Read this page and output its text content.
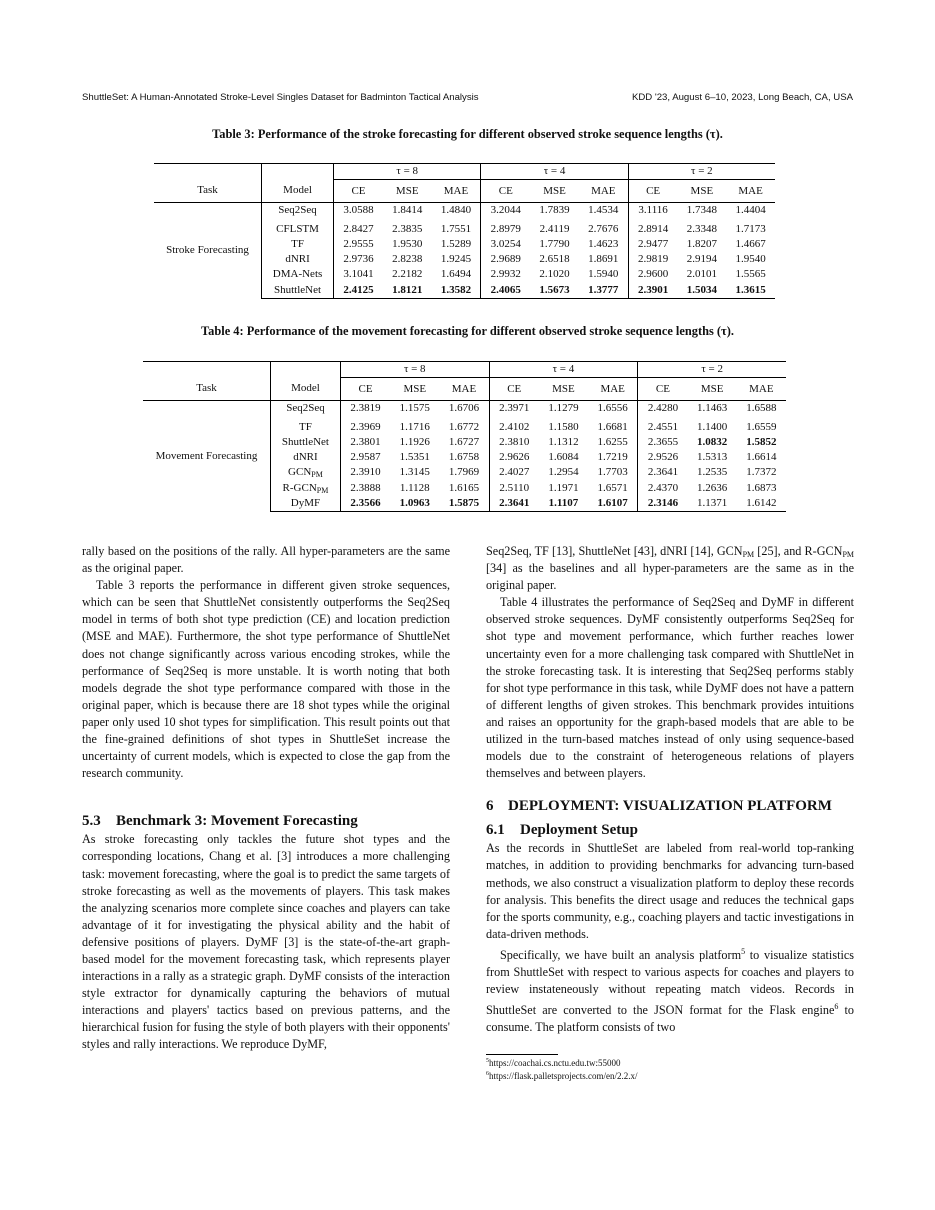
ShuttleSet: A Human-Annotated Stroke-Level Singles Dataset for Badminton Tactical Analysis	KDD '23, August 6–10, 2023, Long Beach, CA, USA
Table 3: Performance of the stroke forecasting for different observed stroke sequence lengths (τ).
		τ = 8			τ = 4			τ = 2		
Task	Model	CE	MSE	MAE	CE	MSE	MAE	CE	MSE	MAE
Stroke Forecasting	Seq2Seq	3.0588	1.8414	1.4840	3.2044	1.7839	1.4534	3.1116	1.7348	1.4404
	CFLSTM	2.8427	2.3835	1.7551	2.8979	2.4119	2.7676	2.8914	2.3348	1.7173
	TF	2.9555	1.9530	1.5289	3.0254	1.7790	1.4623	2.9477	1.8207	1.4667
	dNRI	2.9736	2.8238	1.9245	2.9689	2.6518	1.8691	2.9819	2.9194	1.9540
	DMA-Nets	3.1041	2.2182	1.6494	2.9932	2.1020	1.5940	2.9600	2.0101	1.5565
	ShuttleNet	2.4125	1.8121	1.3582	2.4065	1.5673	1.3777	2.3901	1.5034	1.3615
Table 4: Performance of the movement forecasting for different observed stroke sequence lengths (τ).
		τ = 8			τ = 4			τ = 2		
Task	Model	CE	MSE	MAE	CE	MSE	MAE	CE	MSE	MAE
Movement Forecasting	Seq2Seq	2.3819	1.1575	1.6706	2.3971	1.1279	1.6556	2.4280	1.1463	1.6588
	TF	2.3969	1.1716	1.6772	2.4102	1.1580	1.6681	2.4551	1.1400	1.6559
	ShuttleNet	2.3801	1.1926	1.6727	2.3810	1.1312	1.6255	2.3655	1.0832	1.5852
	dNRI	2.9587	1.5351	1.6758	2.9626	1.6084	1.7219	2.9526	1.5313	1.6614
	$GCN_{PM}$	2.3910	1.3145	1.7969	2.4027	1.2954	1.7703	2.3641	1.2535	1.7372
	$R-GCN_{PM}$	2.3888	1.1128	1.6165	2.5110	1.1971	1.6571	2.4370	1.2636	1.6873
	DyMF	2.3566	1.0963	1.5875	2.3641	1.1107	1.6107	2.3146	1.1371	1.6142

rally based on the positions of the rally. All hyper-parameters are the same as the original paper.

Table 3 reports the performance in different given stroke sequences, which can be seen that ShuttleNet consistently outperforms the Seq2Seq model in terms of both shot type prediction (CE) and location prediction (MSE and MAE). Furthermore, the shot type performance of ShuttleNet does not change significantly across various encoding strokes, while the performance of Seq2Seq is more unstable. It is worth noting that both models degrade the shot type performance compared with those in the original paper, which is because there are 18 shot types while the original paper only used 10 shot types for simplification. This result points out that the fine-grained definitions of shot types in ShuttleSet increase the uncertainty of current models, which is expected to close the gap from the research community.

5.3 Benchmark 3: Movement Forecasting

As stroke forecasting only tackles the future shot types and the corresponding locations, Chang et al. [3] introduces a more challenging task: movement forecasting, where the goal is to predict the same targets of stroke forecasting as well as the movements of players. This task makes the analyzing scenarios more complete since coaches and players can take advantage of it for investigating the physical ability and the habit of defensive positions of players. DyMF [3] is the state-of-the-art graph-based model for the movement forecasting task, which represents player interactions in a rally as a strategic graph. DyMF consists of the interaction style extractor for dynamically capturing the behaviors of mutual interactions and players' tactics based on previous patterns, and the hierarchical fusion for fusing the style of both players with their opponents' styles and rally interactions. We reproduce DyMF,

Seq2Seq, TF [13], ShuttleNet [43], dNRI [14], $GCN_{PM}$ [25], and $R-GCN_{PM}$ [34] as the baselines and all hyper-parameters are the same as in the original paper.

Table 4 illustrates the performance of Seq2Seq and DyMF in different observed stroke sequences. DyMF consistently outperforms Seq2Seq for shot type and movement performance, which further reaches lower uncertainty even for a more challenging task compared with ShuttleNet in the stroke forecasting task. It is interesting that Seq2Seq performs stably for shot type performance in this task, while DyMF does not have a pattern of different lengths of given strokes. This benchmark provides intuitions and raises an opportunity for the graph-based models that are able to be utilized in the turn-based matches instead of only using sequence-based models due to the constraint of heterogeneous relations of players themselves and between players.

6 DEPLOYMENT: VISUALIZATION PLATFORM
6.1 Deployment Setup

As the records in ShuttleSet are labeled from real-world top-ranking matches, in addition to providing benchmarks for advancing turn-based methods, we also construct a visualization platform to deploy these records for analysis. This benefits the direct usage and reduces the technical gaps for the sports community, e.g., coaching players and tactic investigations in data-driven methods.

Specifically, we have built an analysis platform$^5$ to visualize statistics from ShuttleSet with respect to various aspects for coaches and players to review instateneously without repeating match videos. Records in ShuttleSet are converted to the JSON format for the Flask engine$^6$ to consume. The platform consists of two

$^5$https://coachai.cs.nctu.edu.tw:55000
$^6$https://flask.palletsprojects.com/en/2.2.x/
